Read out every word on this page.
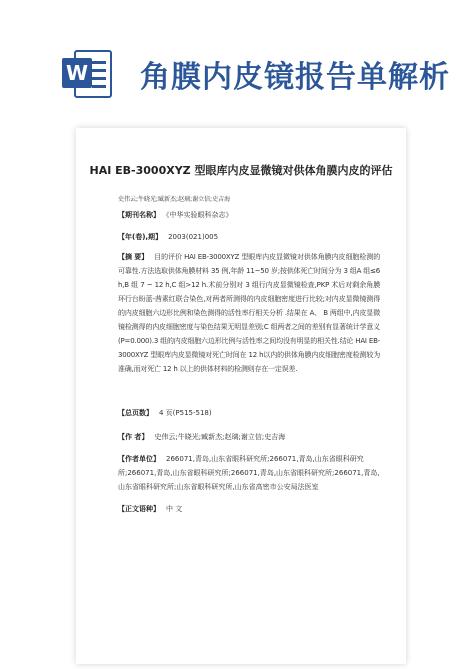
W 角膜内皮镜报告单解析
HAI EB-3000XYZ 型眼库内皮显微镜对供体角膜内皮的评估
史伟云;牛晓光;臧新杰;赵璃;谢立信;史吉海
【 期刊名称 】 《中华实验眼科杂志》
【 年(卷),期 】 2003(021)005
【 摘 要 】 目的评价 HAI EB-3000XYZ 型眼库内皮显微镜对供体角膜内皮细胞检测的可靠性.方法选取供体角膜材料 35 例,年龄 11~50 岁;按供体死亡时间分为 3 组A 组≤6 h,B 组 7 ~ 12 h,C 组>12 h.术前分别对 3 组行内皮显微镜检查,PKP 术后对剩余角膜环行台盼蓝-茜素红联合染色,对两者所测得的内皮细胞密度进行比较;对内皮显微镜测得的内皮细胞六边形比例和染色测得的活性率行相关分析 .结果在 A、 B 两组中,内皮显微镜检测得的内皮细胞密度与染色结果无明显差别;C 组两者之间的差别有显著统计学意义(P=0.000).3 组的内皮细胞六边形比例与活性率之间均没有明显的相关性.结论 HAI EB-3000XYZ 型眼库内皮显微镜对死亡时间在 12 h以内的供体角膜内皮细胞密度检测较为准确,而对死亡 12 h 以上的供体材料的检测则存在一定误差.
【 总页数 】 4 页(P515-518)
【 作 者 】 史伟云;牛晓光;臧新杰;赵璃;谢立信;史吉海
【 作者单位 】 266071,青岛,山东省眼科研究所;266071,青岛,山东省眼科研究所;266071,青岛,山东省眼科研究所;266071,青岛,山东省眼科研究所;266071,青岛,山东省眼科研究所;山东省眼科研究所,山东省高密市公安局法医室
【 正文语种 】 中 文
